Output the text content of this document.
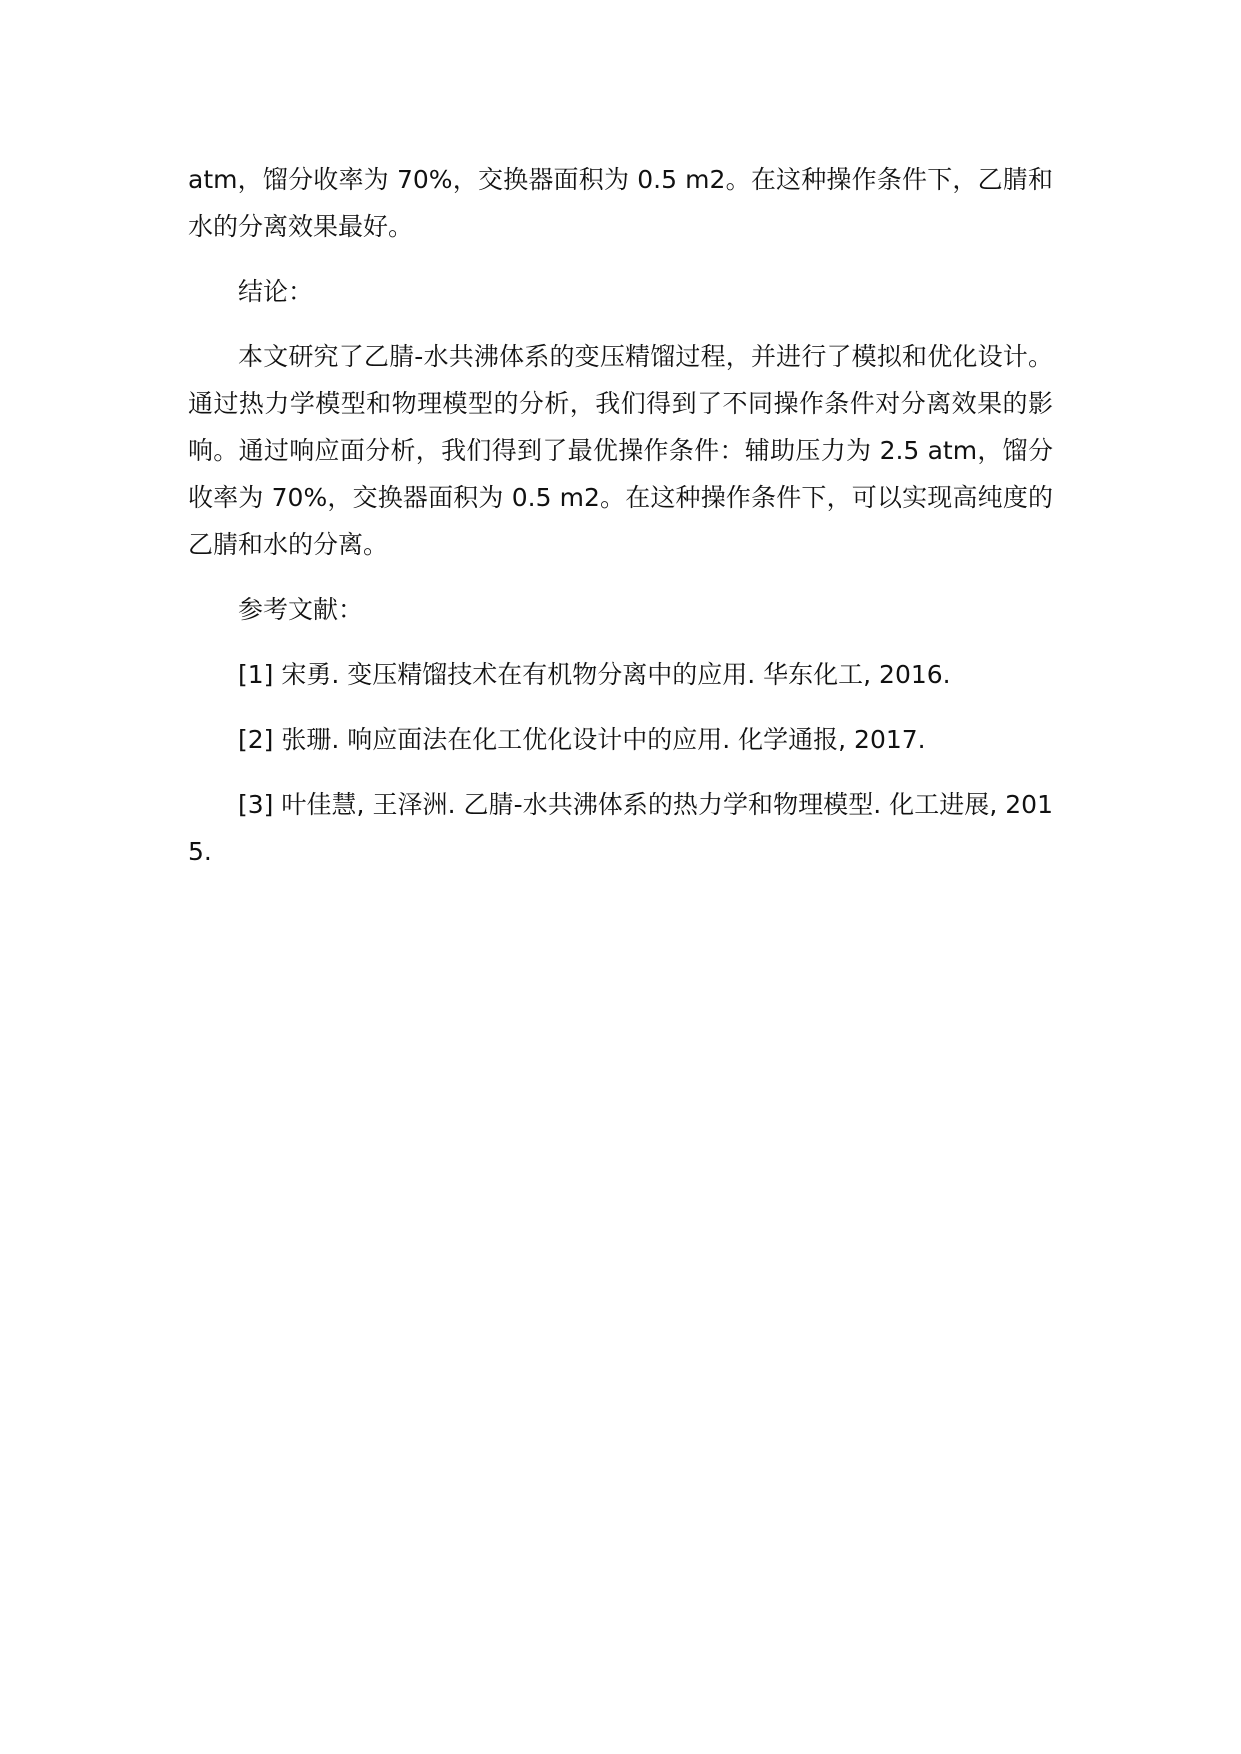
atm，馏分收率为 70%，交换器面积为 0.5 m2。在这种操作条件下，乙腈和水的分离效果最好。

结论：

本文研究了乙腈-水共沸体系的变压精馏过程，并进行了模拟和优化设计。通过热力学模型和物理模型的分析，我们得到了不同操作条件对分离效果的影响。通过响应面分析，我们得到了最优操作条件：辅助压力为 2.5 atm，馏分收率为 70%，交换器面积为 0.5 m2。在这种操作条件下，可以实现高纯度的乙腈和水的分离。

参考文献：

[1] 宋勇. 变压精馏技术在有机物分离中的应用. 华东化工, 2016.

[2] 张珊. 响应面法在化工优化设计中的应用. 化学通报, 2017.

[3] 叶佳慧, 王泽洲. 乙腈-水共沸体系的热力学和物理模型. 化工进展, 2015.
